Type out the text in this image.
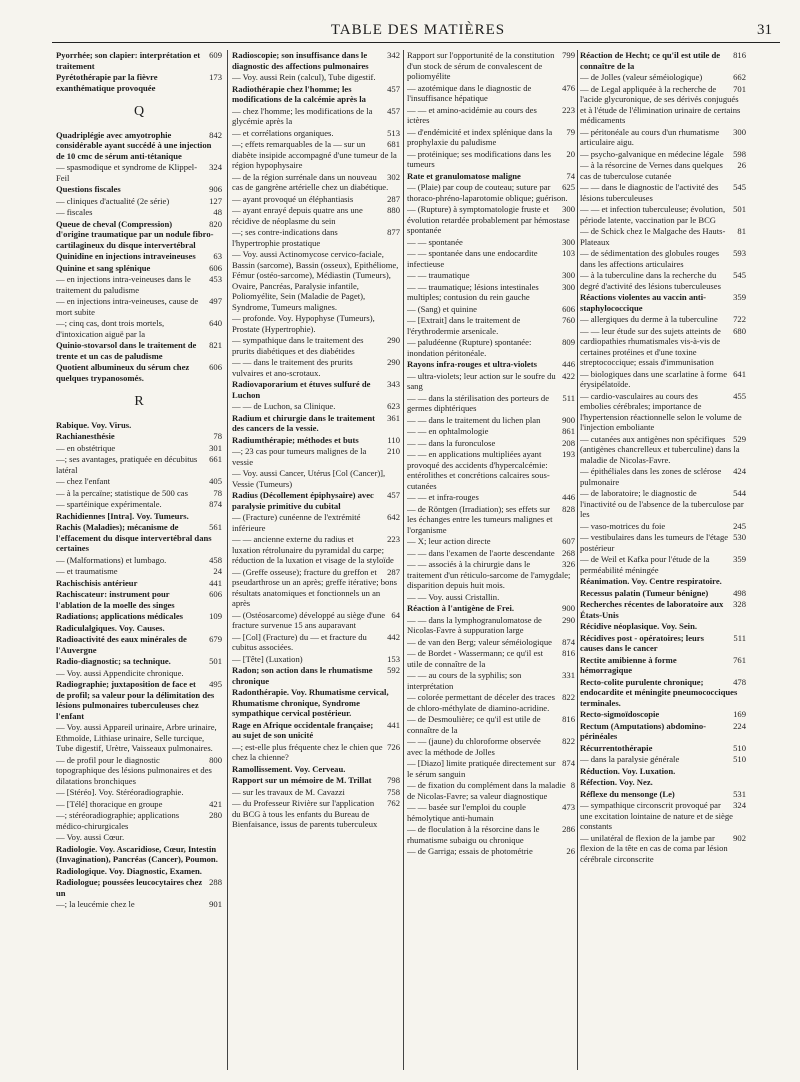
TABLE DES MATIÈRES	31
609
Pyorrhée; son clapier: interprétation et traitement
173
Pyrétothérapie par la fièvre exanthématique provoquée
Q
842
Quadriplégie avec amyotrophie considérable ayant succédé à une injection de 10 cmc de sérum anti-tétanique
324
— spasmodique et syndrome de Klippel-Feil
906
Questions fiscales
127
— cliniques d'actualité (2e série)
48
— fiscales
820
Queue de cheval (Compression) d'origine traumatique par un nodule fibro-cartilagineux du disque intervertébral
63
Quinidine en injections intraveineuses
606
Quinine et sang splénique
453
— en injections intra-veineuses dans le traitement du paludisme
497
— en injections intra-veineuses, cause de mort subite
640
—; cinq cas, dont trois mortels, d'intoxication aiguë par la
821
Quinio-stovarsol dans le traitement de trente et un cas de paludisme
606
Quotient albumineux du sérum chez quelques trypanosomés.
R
Rabique. Voy. Virus.
78
Rachianesthésie
301
— en obstétrique
661
—; ses avantages, pratiquée en décubitus latéral
405
— chez l'enfant
78
— à la percaïne; statistique de 500 cas
874
— spartéinique expérimentale.
Rachidiennes [Intra]. Voy. Tumeurs.
561
Rachis (Maladies); mécanisme de l'effacement du disque intervertébral dans certaines
458
— (Malformations) et lumbago.
24
— et traumatisme
441
Rachischisis antérieur
606
Rachiscateur: instrument pour l'ablation de la moelle des singes
109
Radiations; applications médicales
Radiculalgiques. Voy. Causes.
679
Radioactivité des eaux minérales de l'Auvergne
501
Radio-diagnostic; sa technique.
— Voy. aussi Appendicite chronique.
495
Radiographie; juxtaposition de face et de profil; sa valeur pour la délimitation des lésions pulmonaires tuberculeuses chez l'enfant
— Voy. aussi Appareil urinaire, Arbre urinaire, Ethmoïde, Lithiase urinaire, Selle turcique, Tube digestif, Urètre, Vaisseaux pulmonaires.
800
— de profil pour le diagnostic topographique des lésions pulmonaires et des dilatations bronchiques
— [Stéréo]. Voy. Stéréoradiographie.
421
— [Télé] thoracique en groupe
280
—; stéréoradiographie; applications médico-chirurgicales
— Voy. aussi Cœur.
Radiologie. Voy. Ascaridiose, Cœur, Intestin (Invagination), Pancréas (Cancer), Poumon.
Radiologique. Voy. Diagnostic, Examen.
288
Radiologue; poussées leucocytaires chez un
901
—; la leucémie chez le
342
Radioscopie; son insuffisance dans le diagnostic des affections pulmonaires
— Voy. aussi Rein (calcul), Tube digestif.
457
Radiothérapie chez l'homme; les modifications de la calcémie après la
457
— chez l'homme; les modifications de la glycémie après la
513
— et corrélations organiques.
681
—; effets remarquables de la — sur un diabète insipide accompagné d'une tumeur de la région hypophysaire
302
— de la région surrénale dans un nouveau cas de gangrène artérielle chez un diabétique.
287
— ayant provoqué un éléphantiasis
880
— ayant enrayé depuis quatre ans une récidive de néoplasme du sein
877
—; ses contre-indications dans l'hypertrophie prostatique
— Voy. aussi Actinomycose cervico-faciale, Bassin (sarcome), Bassin (osseux), Epithéliome, Fémur (ostéo-sarcome), Médiastin (Tumeurs), Ovaire, Pancréas, Paralysie infantile, Poliomyélite, Sein (Maladie de Paget), Syndrome, Tumeurs malignes.
— profonde. Voy. Hypophyse (Tumeurs), Prostate (Hypertrophie).
290
— sympathique dans le traitement des prurits diabétiques et des diabétides
290
— — dans le traitement des prurits vulvaires et ano-scrotaux.
343
Radiovaporarium et étuves sulfuré de Luchon
623
— — de Luchon, sa Clinique.
361
Radium et chirurgie dans le traitement des cancers de la vessie.
110
Radiumthérapie; méthodes et buts
210
—; 23 cas pour tumeurs malignes de la vessie
— Voy. aussi Cancer, Utérus [Col (Cancer)], Vessie (Tumeurs)
457
Radius (Décollement épiphysaire) avec paralysie primitive du cubital
642
— (Fracture) cunéenne de l'extrémité inférieure
223
— — ancienne externe du radius et luxation rétrolunaire du pyramidal du carpe; réduction de la luxation et visage de la styloïde
287
— (Greffe osseuse); fracture du greffon et pseudarthrose un an après; greffe itérative; bons résultats anatomiques et fonctionnels un an après
64
— (Ostéosarcome) développé au siège d'une fracture survenue 15 ans auparavant
442
— [Col] (Fracture) du — et fracture du cubitus associées.
153
— [Tête] (Luxation)
592
Radon; son action dans le rhumatisme chronique
Radonthérapie. Voy. Rhumatisme cervical, Rhumatisme chronique, Syndrome sympathique cervical postérieur.
441
Rage en Afrique occidentale française; au sujet de son unicité
726
—; est-elle plus fréquente chez le chien que chez la chienne?
Ramollissement. Voy. Cerveau.
798
Rapport sur un mémoire de M. Trillat
758
— sur les travaux de M. Cavazzi
762
— du Professeur Rivière sur l'application du BCG à tous les enfants du Bureau de Bienfaisance, issus de parents tuberculeux
799
Rapport sur l'opportunité de la constitution d'un stock de sérum de convalescent de poliomyélite
476
— azotémique dans le diagnostic de l'insuffisance hépatique
223
— — et amino-acidémie au cours des ictères
79
— d'endémicité et index splénique dans la prophylaxie du paludisme
20
— protéinique; ses modifications dans les tumeurs
74
Rate et granulomatose maligne
625
— (Plaie) par coup de couteau; suture par thoraco-phréno-laparotomie oblique; guérison.
300
— (Rupture) à symptomatologie fruste et évolution retardée probablement par hémostase spontanée
300
— — spontanée
103
— — spontanée dans une endocardite infectieuse
300
— — traumatique
300
— — traumatique; lésions intestinales multiples; contusion du rein gauche
606
— (Sang) et quinine
760
— [Extrait] dans le traitement de l'érythrodermie arsenicale.
809
— paludéenne (Rupture) spontanée: inondation péritonéale.
446
Rayons infra-rouges et ultra-violets
422
— ultra-violets; leur action sur le soufre du sang
511
— — dans la stérilisation des porteurs de germes diphtériques
900
— — dans le traitement du lichen plan
861
— — en ophtalmologie
208
— — dans la furonculose
193
— — en applications multipliées ayant provoqué des accidents d'hypercalcémie: entérolithes et concrétions calcaires sous-cutanées
446
— — et infra-rouges
828
— de Röntgen (Irradiation); ses effets sur les échanges entre les tumeurs malignes et l'organisme
607
— X; leur action directe
268
— — dans l'examen de l'aorte descendante
326
— — associés à la chirurgie dans le traitement d'un réticulo-sarcome de l'amygdale; disparition depuis huit mois.
— — Voy. aussi Cristallin.
900
Réaction à l'antigène de Frei.
290
— — dans la lymphogranulomatose de Nicolas-Favre à suppuration large
874
— de van den Berg; valeur séméiologique
816
— de Bordet - Wassermann; ce qu'il est utile de connaître de la
331
— — au cours de la syphilis; son interprétation
822
— colorée permettant de déceler des traces de chloro-méthylate de diamino-acridine.
816
— de Desmoulière; ce qu'il est utile de connaître de la
822
— — (jaune) du chloroforme observée avec la méthode de Jolles
874
— [Diazo] limite pratiquée directement sur le sérum sanguin
8
— de fixation du complément dans la maladie de Nicolas-Favre; sa valeur diagnostique
473
— — basée sur l'emploi du couple hémolytique anti-humain
286
— de floculation à la résorcine dans le rhumatisme subaigu ou chronique
26
— de Garriga; essais de photométrie
816
Réaction de Hecht; ce qu'il est utile de connaître de la
662
— de Jolles (valeur séméiologique)
701
— de Legal appliquée à la recherche de l'acide glycuronique, de ses dérivés conjugués et à l'étude de l'élimination urinaire de certains médicaments
300
— péritonéale au cours d'un rhumatisme articulaire aigu.
598
— psycho-galvanique en médecine légale
26
— à la résorcine de Vernes dans quelques cas de tuberculose cutanée
545
— — dans le diagnostic de l'activité des lésions tuberculeuses
501
— — et infection tuberculeuse; évolution, période latente, vaccination par le BCG
81
— de Schick chez le Malgache des Hauts-Plateaux
593
— de sédimentation des globules rouges dans les affections articulaires
545
— à la tuberculine dans la recherche du degré d'activité des lésions tuberculeuses
359
Réactions violentes au vaccin anti-staphylococcique
722
— allergiques du derme à la tuberculine
680
— — leur étude sur des sujets atteints de cardiopathies rhumatismales vis-à-vis de certaines protéines et d'une toxine streptococcique; essais d'immunisation
641
— biologiques dans une scarlatine à forme érysipélatoïde.
455
— cardio-vasculaires au cours des embolies cérébrales; importance de l'hypertension réactionnelle selon le volume de l'injection emboliante
529
— cutanées aux antigènes non spécifiques (antigènes chancrelleux et tuberculine) dans la maladie de Nicolas-Favre.
424
— épithéliales dans les zones de sclérose pulmonaire
544
— de laboratoire; le diagnostic de l'inactivité ou de l'absence de la tuberculose par les
245
— vaso-motrices du foie
530
— vestibulaires dans les tumeurs de l'étage postérieur
359
— de Weil et Kafka pour l'étude de la perméabilité méningée
Réanimation. Voy. Centre respiratoire.
498
Recessus palatin (Tumeur bénigne)
328
Recherches récentes de laboratoire aux États-Unis
Récidive néoplasique. Voy. Sein.
511
Récidives post - opératoires; leurs causes dans le cancer
761
Rectite amibienne à forme hémorragique
478
Recto-colite purulente chronique; endocardite et méningite pneumococciques terminales.
169
Recto-sigmoïdoscopie
224
Rectum (Amputations) abdomino-périnéales
510
Récurrentothérapie
510
— dans la paralysie générale
Réduction. Voy. Luxation.
Réfection. Voy. Nez.
531
Réflexe du mensonge (Le)
324
— sympathique circonscrit provoqué par une excitation lointaine de nature et de siège constants
902
— unilatéral de flexion de la jambe par flexion de la tête en cas de coma par lésion cérébrale circonscrite
